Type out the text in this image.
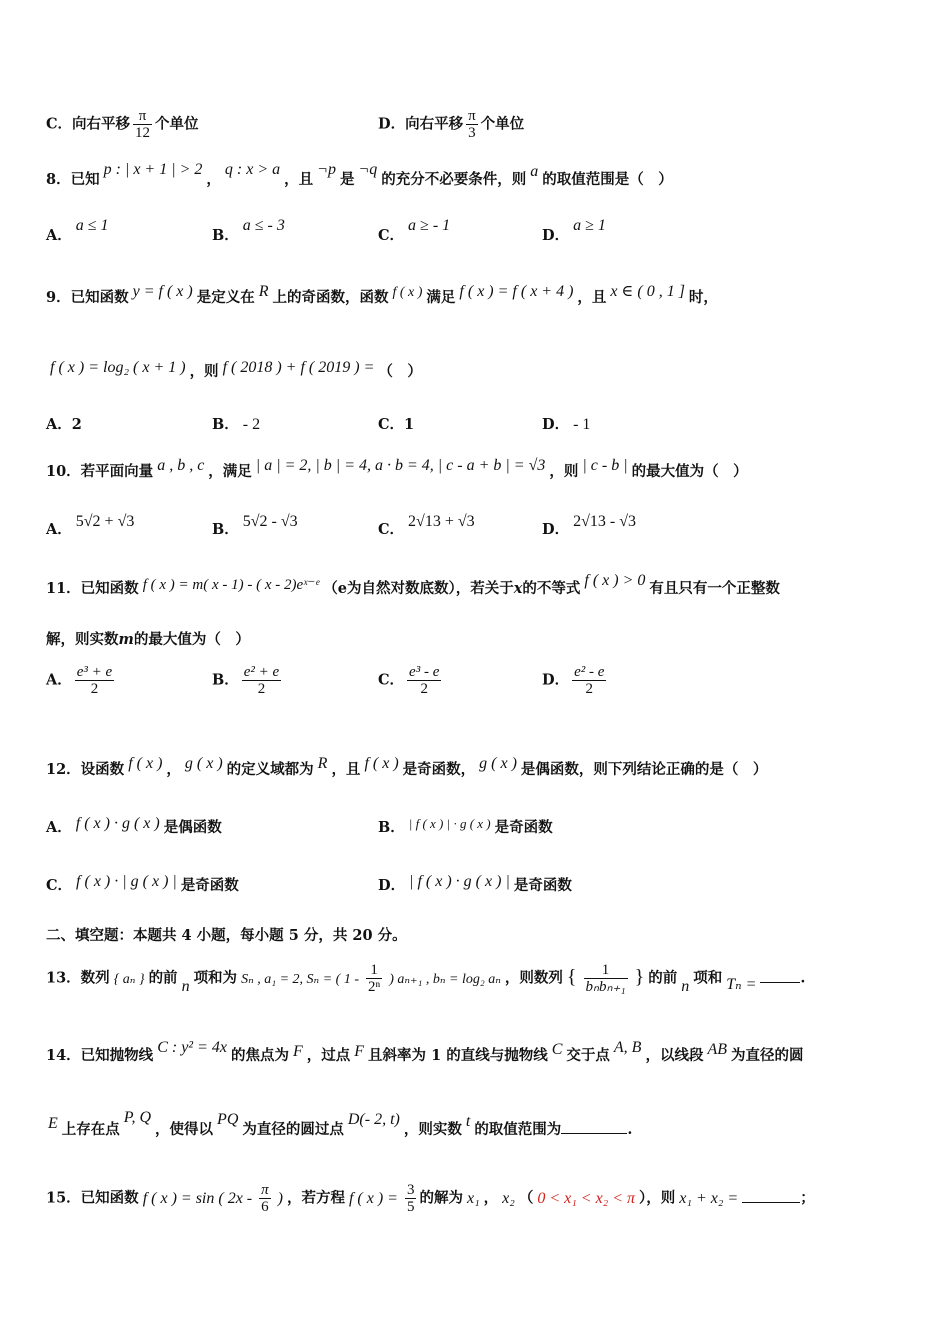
C．向右平移 $\frac{\pi}{12}$ 个单位	D．向右平移 $\frac{\pi}{3}$ 个单位
8．已知p : | x + 1 | > 2，q : x > a，且¬p是¬q的充分不必要条件，则 a 的取值范围是（　）
A．a ≤ 1
B．a ≤ - 3
C．a ≥ - 1
D．a ≥ 1
9．已知函数 y = f ( x ) 是定义在 R 上的奇函数，函数 f ( x ) 满足 f ( x ) = f ( x + 4 ) ，且 x ∈ ( 0 , 1 ] 时，
f ( x ) = log₂ ( x + 1 ) ，则 f ( 2018 ) + f ( 2019 ) = （　）
A．2	B． - 2	C．1	D． - 1
10．若平面向量 a , b , c ，满足 | a | = 2, | b | = 4, a · b = 4, | c - a + b | = √3 ，则 | c - b | 的最大值为（　）
A． 5√2 + √3	B． 5√2 - √3	C． 2√13 + √3	D． 2√13 - √3
11．已知函数 f ( x ) = m( x - 1) - ( x - 2)eˣ⁻ᵉ （e为自然对数底数），若关于x的不等式 f ( x ) > 0 有且只有一个正整数
解，则实数m的最大值为（　）
A． $\frac{\text{e³ + e}}{2}$	B． $\frac{\text{e² + e}}{2}$	C． $\frac{\text{e³ - e}}{2}$	D． $\frac{\text{e² - e}}{2}$
12．设函数 f ( x ) ， g ( x ) 的定义域都为 R ，且 f ( x ) 是奇函数， g ( x ) 是偶函数，则下列结论正确的是（　）
A． f ( x ) · g ( x ) 是偶函数	B． | f ( x ) | · g ( x ) 是奇函数
C． f ( x ) · | g ( x ) | 是奇函数	D． | f ( x ) · g ( x ) | 是奇函数
二、填空题：本题共 4 小题，每小题 5 分，共 20 分。
13．数列 { aₙ } 的前 n 项和为 Sₙ , a₁ = 2, Sₙ = ( $1 - \frac{1}{\text{2ⁿ}}$ ) aₙ₊₁ , bₙ = log₂ aₙ ，则数列 { $\frac{1}{\text{bₙbₙ₊₁}}$ } 的前 n 项和 Tₙ =	.
14．已知抛物线 C : y² = 4x 的焦点为 F ，过点 F 且斜率为 1 的直线与抛物线 C 交于点 A, B ，以线段 AB 为直径的圆
E 上存在点P, Q，使得以PQ为直径的圆过点D(- 2, t)，则实数 t 的取值范围为	.
15．已知函数 f ( x ) = sin ( $2x - \frac{\pi}{6}$ ) ，若方程 f ( x ) = $\frac{3}{5}$ 的解为 x₁ ， x₂ （ 0 < x₁ < x₂ < π ），则 x₁ + x₂ =	；
